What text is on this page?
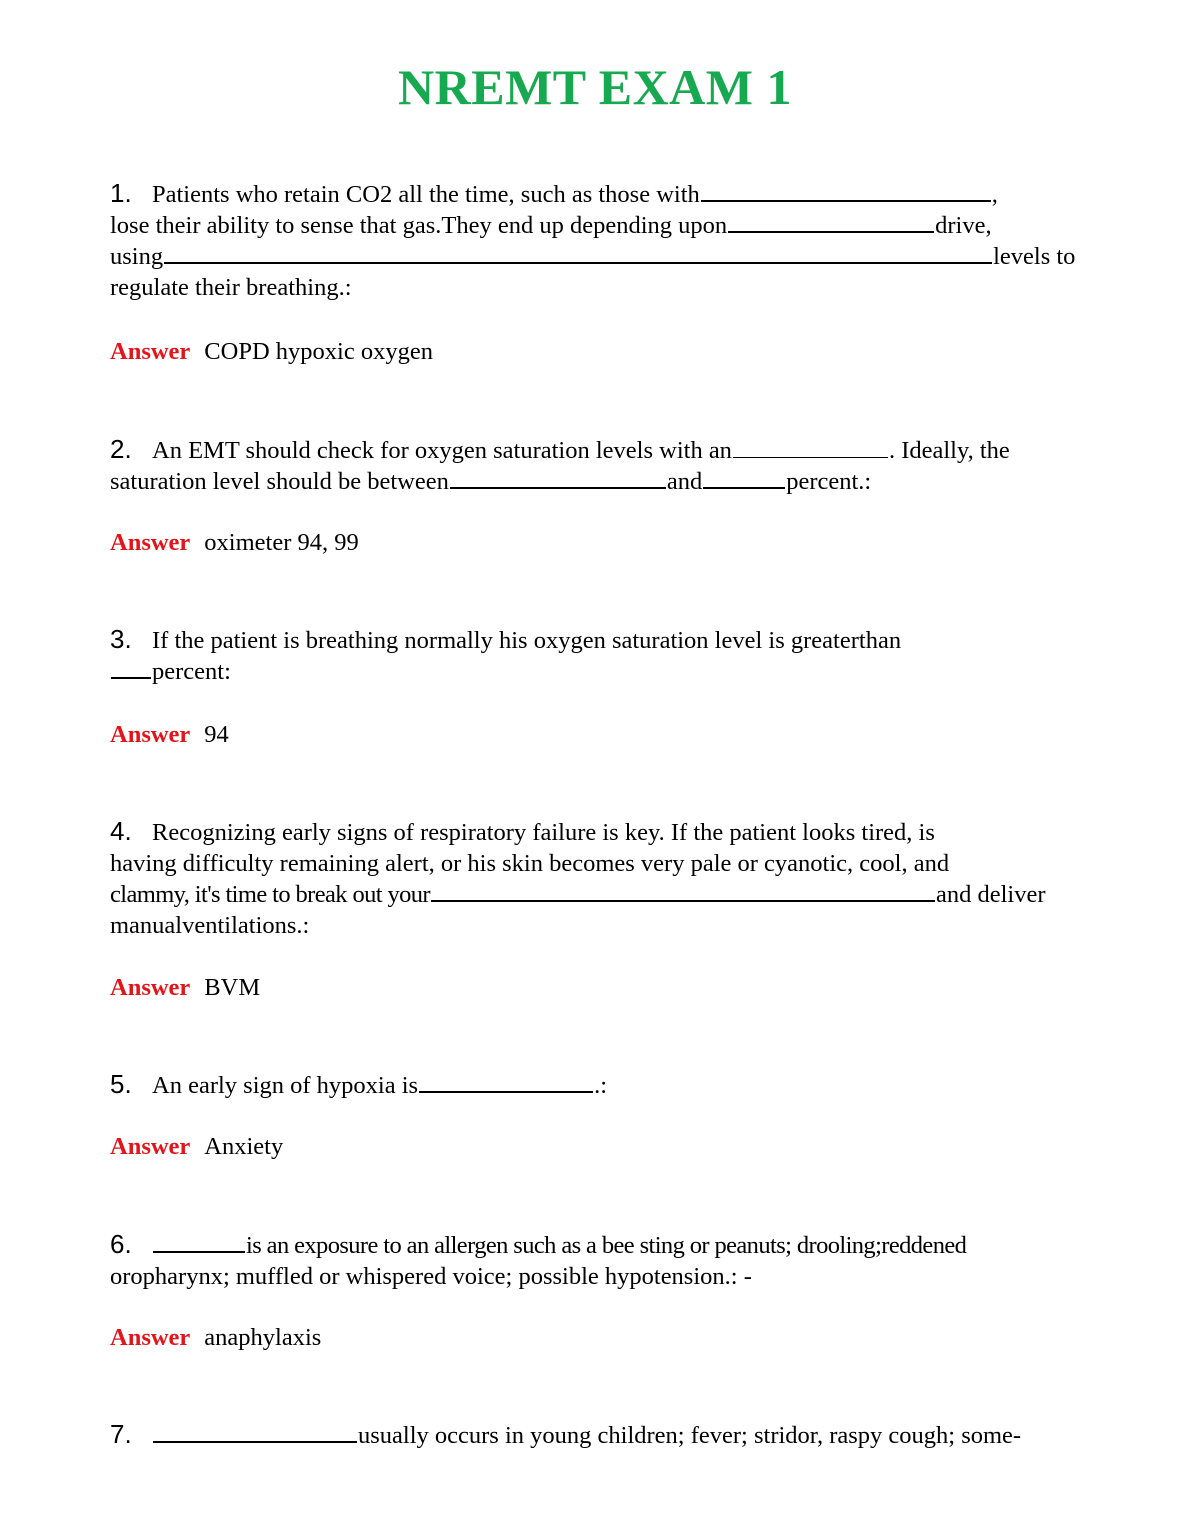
NREMT EXAM 1
1. Patients who retain CO2 all the time, such as those with	,
lose their ability to sense that gas.They end up depending upon	drive,
using	levels to
regulate their breathing.:
Answer COPD hypoxic oxygen
2. An EMT should check for oxygen saturation levels with an	. Ideally, the
saturation level should be between	and	percent.:
Answer oximeter 94, 99
3. If the patient is breathing normally his oxygen saturation level is greaterthan
percent:
Answer 94
4. Recognizing early signs of respiratory failure is key. If the patient looks tired, is
having difficulty remaining alert, or his skin becomes very pale or cyanotic, cool, and
clammy, it's time to break out your	and deliver
manualventilations.:
Answer BVM
5. An early sign of hypoxia is	.:
Answer Anxiety
6.	is an exposure to an allergen such as a bee sting or peanuts; drooling;reddened
oropharynx; muffled or whispered voice; possible hypotension.: -
Answer anaphylaxis
7.	usually occurs in young children; fever; stridor, raspy cough; some-
